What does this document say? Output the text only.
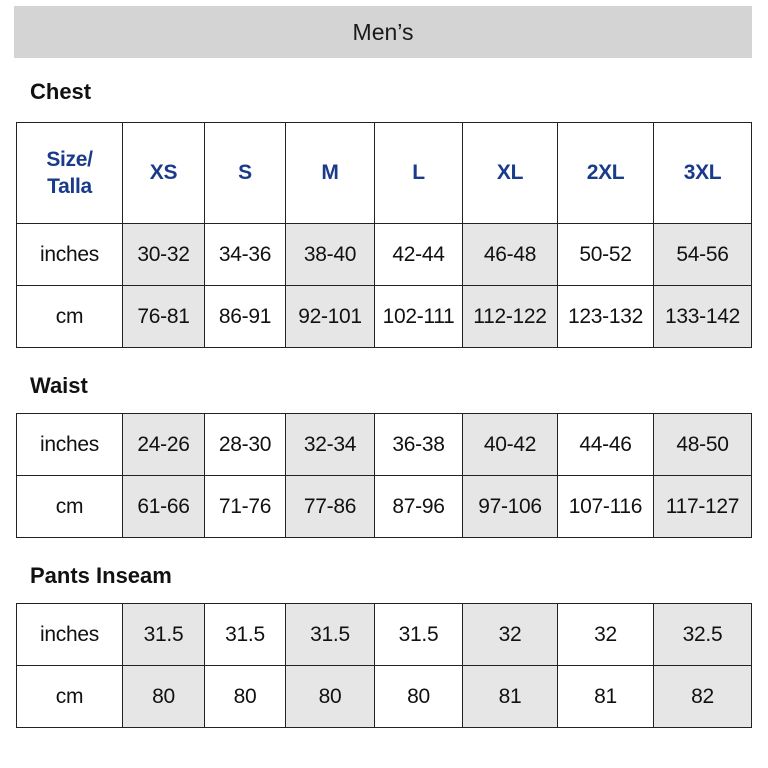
Men’s
Chest
Size/
Talla	XS	S	M	L	XL	2XL	3XL
inches	30-32	34-36	38-40	42-44	46-48	50-52	54-56
cm	76-81	86-91	92-101	102-111	112-122	123-132	133-142
Waist
inches	24-26	28-30	32-34	36-38	40-42	44-46	48-50
cm	61-66	71-76	77-86	87-96	97-106	107-116	117-127
Pants Inseam
inches	31.5	31.5	31.5	31.5	32	32	32.5
cm	80	80	80	80	81	81	82
